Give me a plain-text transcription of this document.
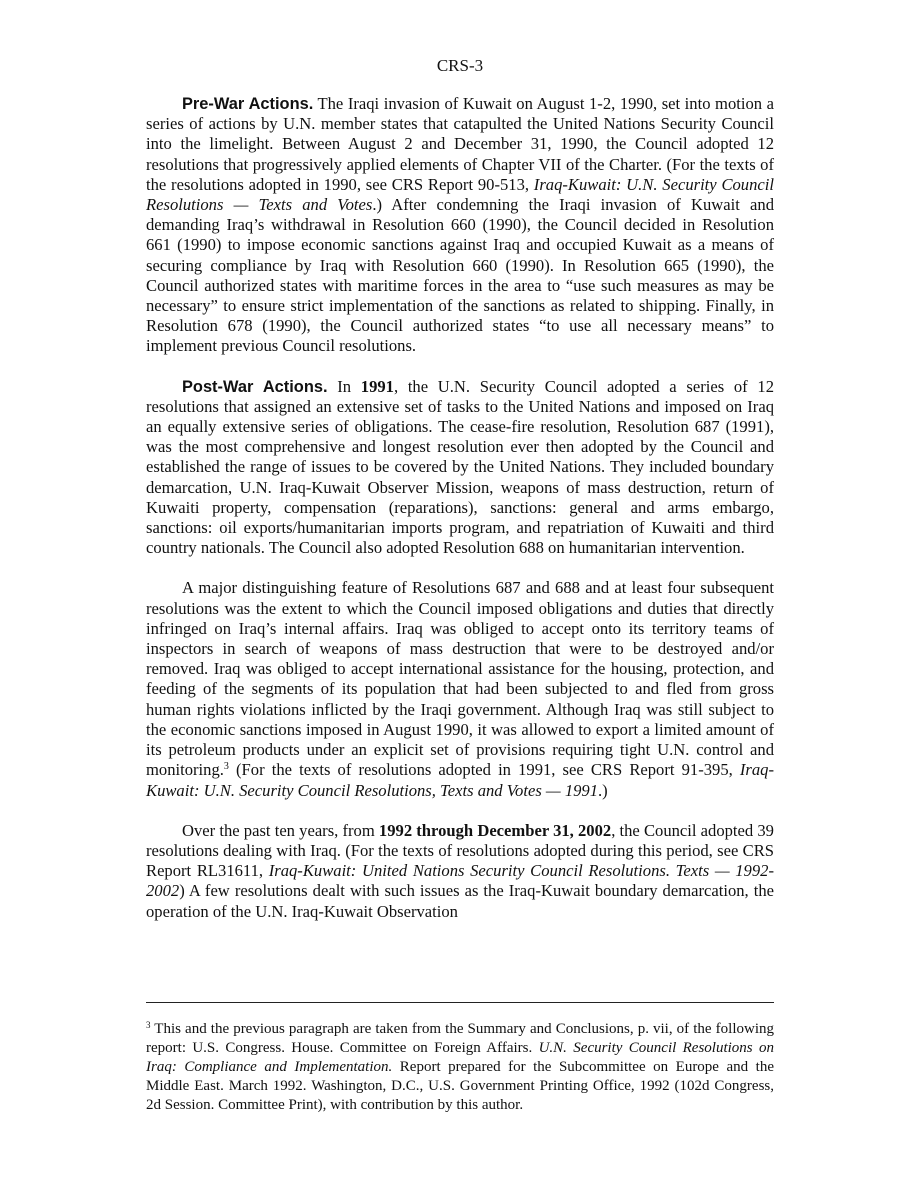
CRS-3

Pre-War Actions. The Iraqi invasion of Kuwait on August 1-2, 1990, set into motion a series of actions by U.N. member states that catapulted the United Nations Security Council into the limelight. Between August 2 and December 31, 1990, the Council adopted 12 resolutions that progressively applied elements of Chapter VII of the Charter. (For the texts of the resolutions adopted in 1990, see CRS Report 90-513, Iraq-Kuwait: U.N. Security Council Resolutions — Texts and Votes.) After condemning the Iraqi invasion of Kuwait and demanding Iraq’s withdrawal in Resolution 660 (1990), the Council decided in Resolution 661 (1990) to impose economic sanctions against Iraq and occupied Kuwait as a means of securing compliance by Iraq with Resolution 660 (1990). In Resolution 665 (1990), the Council authorized states with maritime forces in the area to “use such measures as may be necessary” to ensure strict implementation of the sanctions as related to shipping. Finally, in Resolution 678 (1990), the Council authorized states “to use all necessary means” to implement previous Council resolutions.

Post-War Actions. In 1991, the U.N. Security Council adopted a series of 12 resolutions that assigned an extensive set of tasks to the United Nations and imposed on Iraq an equally extensive series of obligations. The cease-fire resolution, Resolution 687 (1991), was the most comprehensive and longest resolution ever then adopted by the Council and established the range of issues to be covered by the United Nations. They included boundary demarcation, U.N. Iraq-Kuwait Observer Mission, weapons of mass destruction, return of Kuwaiti property, compensation (reparations), sanctions: general and arms embargo, sanctions: oil exports/humanitarian imports program, and repatriation of Kuwaiti and third country nationals. The Council also adopted Resolution 688 on humanitarian intervention.

A major distinguishing feature of Resolutions 687 and 688 and at least four subsequent resolutions was the extent to which the Council imposed obligations and duties that directly infringed on Iraq’s internal affairs. Iraq was obliged to accept onto its territory teams of inspectors in search of weapons of mass destruction that were to be destroyed and/or removed. Iraq was obliged to accept international assistance for the housing, protection, and feeding of the segments of its population that had been subjected to and fled from gross human rights violations inflicted by the Iraqi government. Although Iraq was still subject to the economic sanctions imposed in August 1990, it was allowed to export a limited amount of its petroleum products under an explicit set of provisions requiring tight U.N. control and monitoring.$^3$ (For the texts of resolutions adopted in 1991, see CRS Report 91-395, Iraq-Kuwait: U.N. Security Council Resolutions, Texts and Votes — 1991.)

Over the past ten years, from 1992 through December 31, 2002, the Council adopted 39 resolutions dealing with Iraq. (For the texts of resolutions adopted during this period, see CRS Report RL31611, Iraq-Kuwait: United Nations Security Council Resolutions. Texts — 1992-2002) A few resolutions dealt with such issues as the Iraq-Kuwait boundary demarcation, the operation of the U.N. Iraq-Kuwait Observation

$^3$ This and the previous paragraph are taken from the Summary and Conclusions, p. vii, of the following report: U.S. Congress. House. Committee on Foreign Affairs. U.N. Security Council Resolutions on Iraq: Compliance and Implementation. Report prepared for the Subcommittee on Europe and the Middle East. March 1992. Washington, D.C., U.S. Government Printing Office, 1992 (102d Congress, 2d Session. Committee Print), with contribution by this author.
